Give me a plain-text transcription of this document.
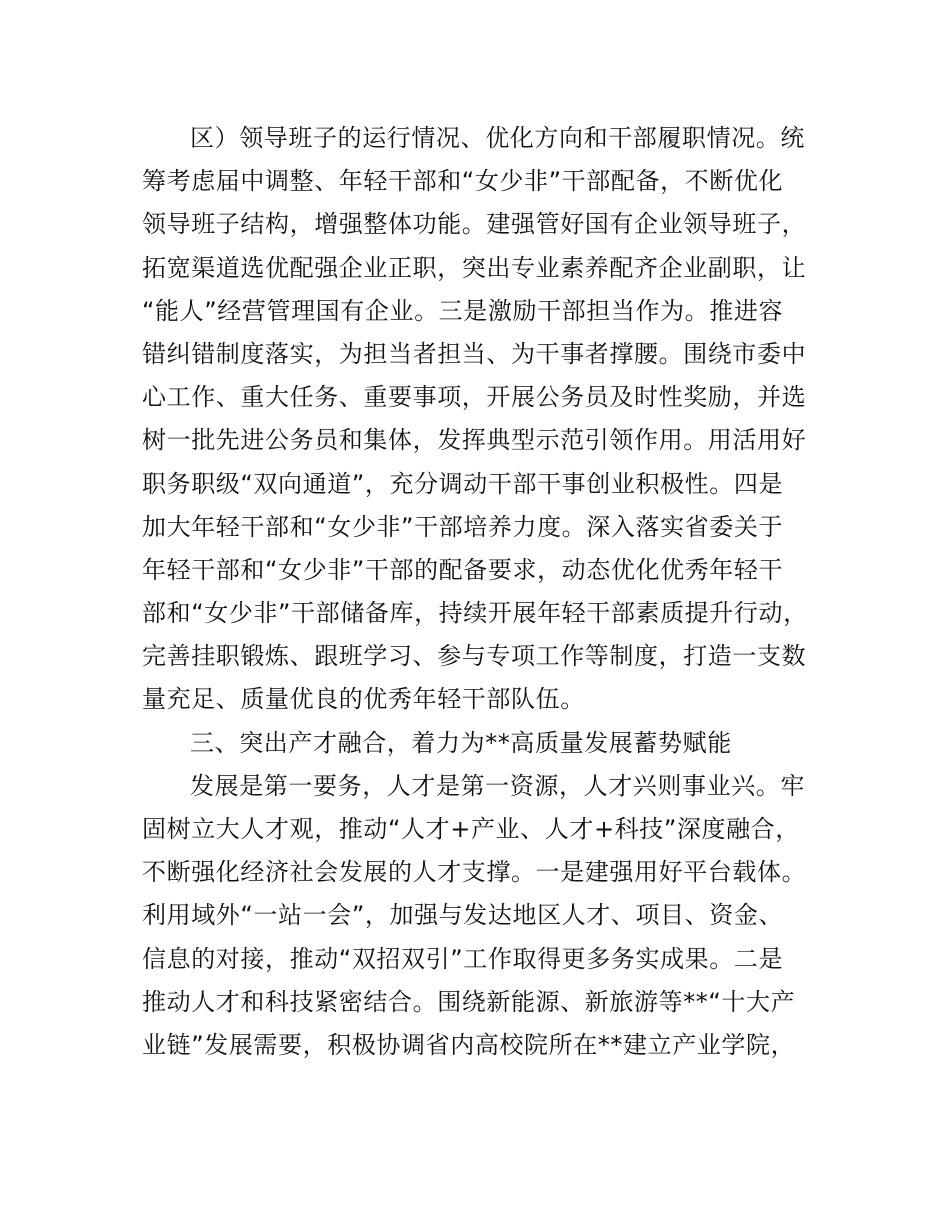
区）领导班子的运行情况、优化方向和干部履职情况。统
筹考虑届中调整、年轻干部和“女少非”干部配备，不断优化
领导班子结构，增强整体功能。建强管好国有企业领导班子，
拓宽渠道选优配强企业正职，突出专业素养配齐企业副职，让
“能人”经营管理国有企业。三是激励干部担当作为。推进容
错纠错制度落实，为担当者担当、为干事者撑腰。围绕市委中
心工作、重大任务、重要事项，开展公务员及时性奖励，并选
树一批先进公务员和集体，发挥典型示范引领作用。用活用好
职务职级“双向通道”，充分调动干部干事创业积极性。四是
加大年轻干部和“女少非”干部培养力度。深入落实省委关于
年轻干部和“女少非”干部的配备要求，动态优化优秀年轻干
部和“女少非”干部储备库，持续开展年轻干部素质提升行动，
完善挂职锻炼、跟班学习、参与专项工作等制度，打造一支数
量充足、质量优良的优秀年轻干部队伍。
三、突出产才融合，着力为**高质量发展蓄势赋能
发展是第一要务，人才是第一资源，人才兴则事业兴。牢
固树立大人才观，推动“人才+产业、人才+科技”深度融合，
不断强化经济社会发展的人才支撑。一是建强用好平台载体。
利用域外“一站一会”，加强与发达地区人才、项目、资金、
信息的对接，推动“双招双引”工作取得更多务实成果。二是
推动人才和科技紧密结合。围绕新能源、新旅游等**“十大产
业链”发展需要，积极协调省内高校院所在**建立产业学院，
